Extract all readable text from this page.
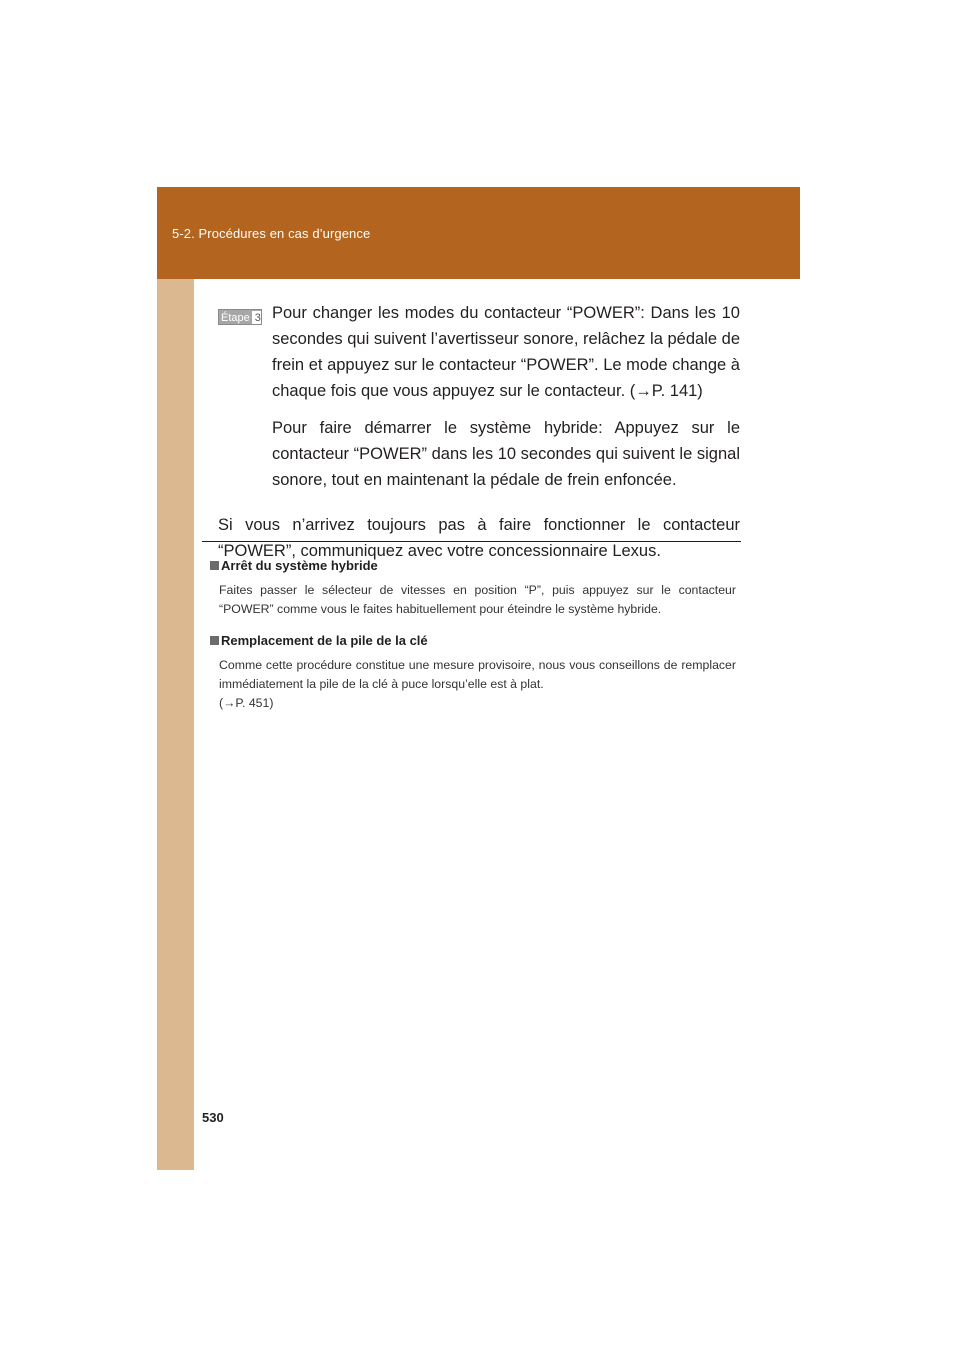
5-2. Procédures en cas d’urgence
Étape 3 Pour changer les modes du contacteur “POWER”: Dans les 10 secondes qui suivent l’avertisseur sonore, relâchez la pédale de frein et appuyez sur le contacteur “POWER”. Le mode change à chaque fois que vous appuyez sur le contacteur. (→P. 141)

Pour faire démarrer le système hybride: Appuyez sur le contacteur “POWER” dans les 10 secondes qui suivent le signal sonore, tout en maintenant la pédale de frein enfoncée.

Si vous n’arrivez toujours pas à faire fonctionner le contacteur “POWER”, communiquez avec votre concessionnaire Lexus.

Arrêt du système hybride
Faites passer le sélecteur de vitesses en position “P”, puis appuyez sur le contacteur “POWER” comme vous le faites habituellement pour éteindre le système hybride.
Remplacement de la pile de la clé
Comme cette procédure constitue une mesure provisoire, nous vous conseillons de remplacer immédiatement la pile de la clé à puce lorsqu’elle est à plat.
(→P. 451)
530
